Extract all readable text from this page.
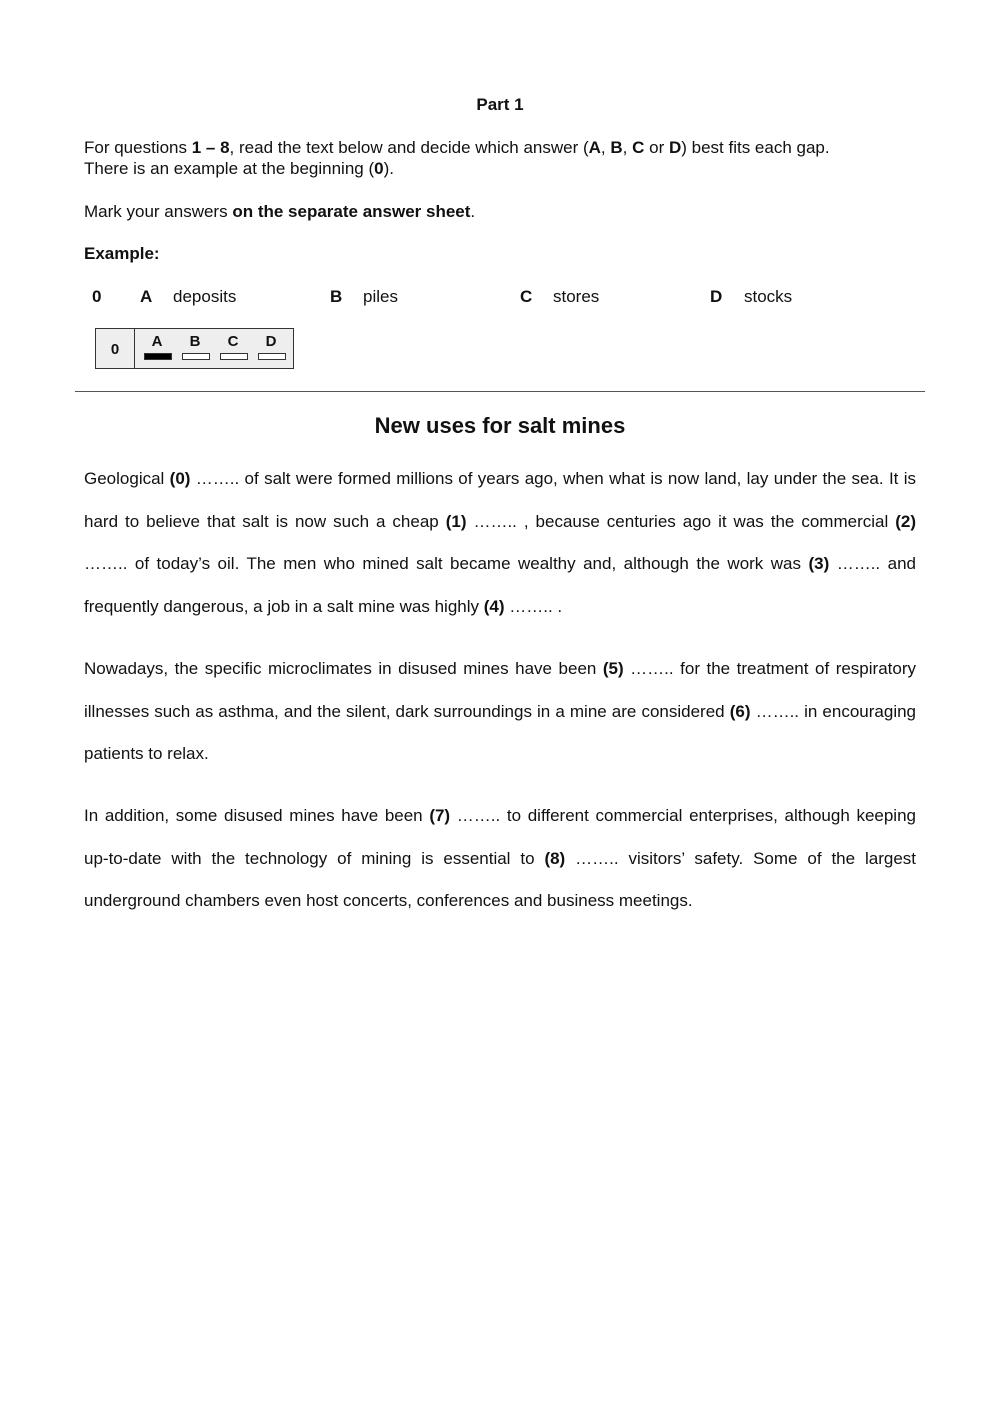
Part 1
For questions 1 – 8, read the text below and decide which answer (A, B, C or D) best fits each gap.
There is an example at the beginning (0).
Mark your answers on the separate answer sheet.
Example:
0 A deposits	B piles	C stores	D stocks
0	A	B	C	D
New uses for salt mines

Geological (0) …….. of salt were formed millions of years ago, when what is now land, lay under the sea. It is hard to believe that salt is now such a cheap (1) …….. , because centuries ago it was the commercial (2) …….. of today’s oil. The men who mined salt became wealthy and, although the work was (3) …….. and frequently dangerous, a job in a salt mine was highly (4) …….. .

Nowadays, the specific microclimates in disused mines have been (5) …….. for the treatment of respiratory illnesses such as asthma, and the silent, dark surroundings in a mine are considered (6) …….. in encouraging patients to relax.

In addition, some disused mines have been (7) …….. to different commercial enterprises, although keeping up-to-date with the technology of mining is essential to (8) …….. visitors’ safety. Some of the largest underground chambers even host concerts, conferences and business meetings.
